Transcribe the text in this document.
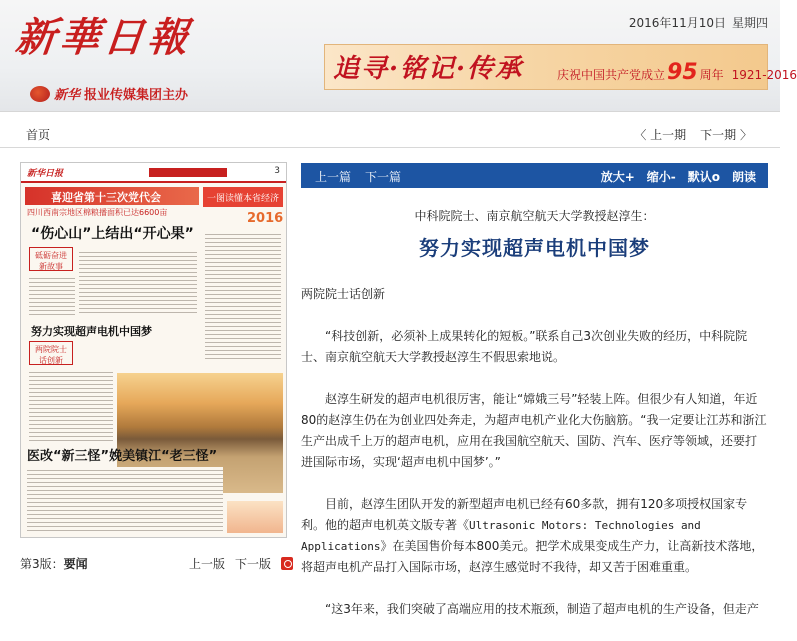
新華日報
新华 报业传媒集团主办
2016年11月10日 星期四
追寻·铭记·传承	庆祝中国共产党成立 95 周年 1921-2016
首页	〈 上一期 下一期 〉
新华日报	3
喜迎省第十三次党代会
四川西南宗地区棉粮播面积已达6600亩
“伤心山”上结出“开心果”
砥砺奋进新故事
努力实现超声电机中国梦
两院院士话创新
一图读懂本省经济
2016
医改“新三怪”娩美镇江“老三怪”
第3版： 要闻	上一版 下一版
上一篇 下一篇	放大+ 缩小- 默认o 朗读
中科院院士、南京航空航天大学教授赵淳生：
努力实现超声电机中国梦

两院院士话创新

“科技创新，必须补上成果转化的短板。”联系自己3次创业失败的经历，中科院院士、南京航空航天大学教授赵淳生不假思索地说。

赵淳生研发的超声电机很厉害，能让“嫦娥三号”轻装上阵。但很少有人知道，年近80的赵淳生仍在为创业四处奔走，为超声电机产业化大伤脑筋。“我一定要让江苏和浙江生产出成千上万的超声电机，应用在我国航空航天、国防、汽车、医疗等领域，还要打进国际市场，实现‘超声电机中国梦’。”

目前，赵淳生团队开发的新型超声电机已经有60多款，拥有120多项授权国家专利。他的超声电机英文版专著《Ultrasonic Motors: Technologies and Applications》在美国售价每本800美元。把学术成果变成生产力，让高新技术落地，将超声电机产品打入国际市场，赵淳生感觉时不我待，却又苦于困难重重。

“这3年来，我们突破了高端应用的技术瓶颈，制造了超声电机的生产设备，但走产
